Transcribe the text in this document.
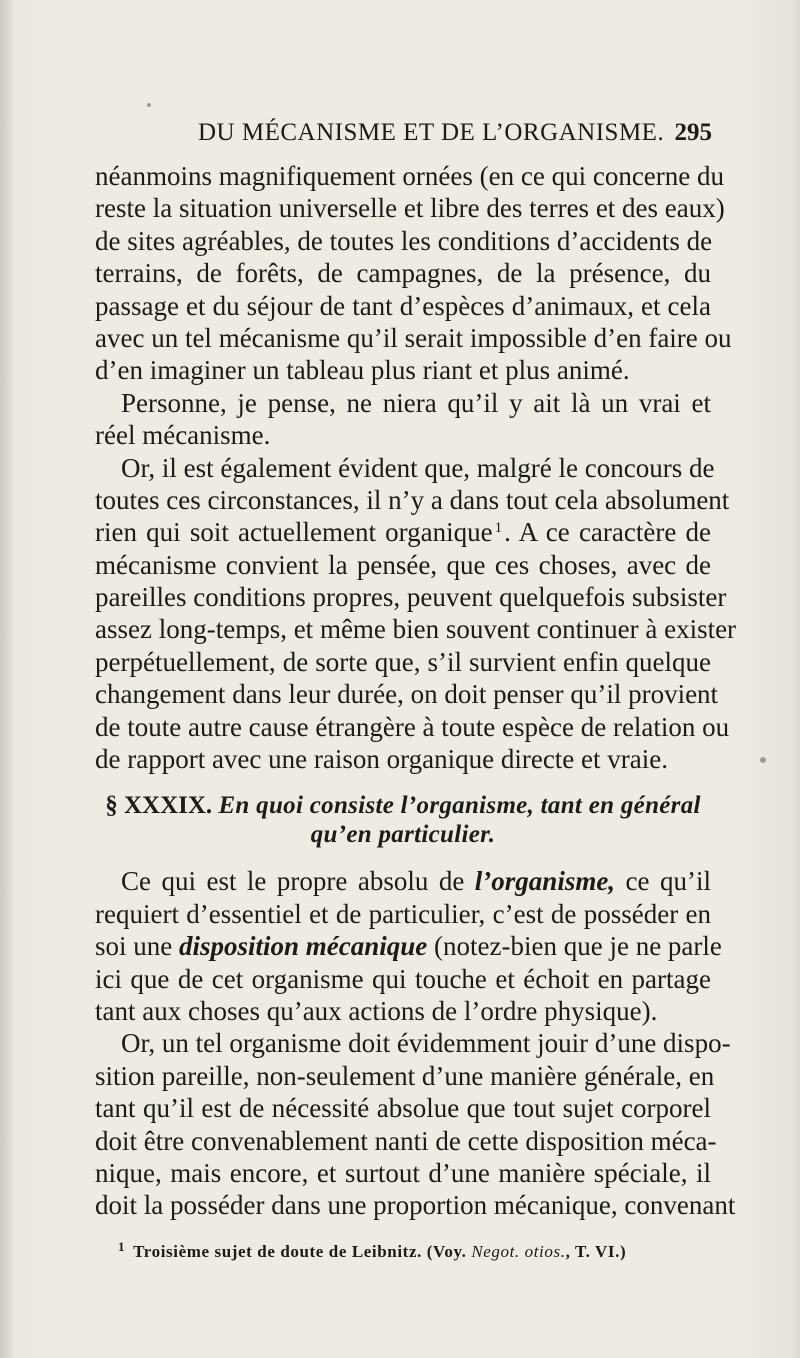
DU MÉCANISME ET DE L’ORGANISME. 295
néanmoins magnifiquement ornées (en ce qui concerne du
reste la situation universelle et libre des terres et des eaux)
de sites agréables, de toutes les conditions d’accidents de
terrains, de forêts, de campagnes, de la présence, du
passage et du séjour de tant d’espèces d’animaux, et cela
avec un tel mécanisme qu’il serait impossible d’en faire ou
d’en imaginer un tableau plus riant et plus animé.
Personne, je pense, ne niera qu’il y ait là un vrai et
réel mécanisme.
Or, il est également évident que, malgré le concours de
toutes ces circonstances, il n’y a dans tout cela absolument
rien qui soit actuellement organique $^1$. A ce caractère de
mécanisme convient la pensée, que ces choses, avec de
pareilles conditions propres, peuvent quelquefois subsister
assez long-temps, et même bien souvent continuer à exister
perpétuellement, de sorte que, s’il survient enfin quelque
changement dans leur durée, on doit penser qu’il provient
de toute autre cause étrangère à toute espèce de relation ou
de rapport avec une raison organique directe et vraie.
§ XXXIX. En quoi consiste l’organisme, tant en général
qu’en particulier.
Ce qui est le propre absolu de l’organisme, ce qu’il
requiert d’essentiel et de particulier, c’est de posséder en
soi une disposition mécanique (notez-bien que je ne parle
ici que de cet organisme qui touche et échoit en partage
tant aux choses qu’aux actions de l’ordre physique).
Or, un tel organisme doit évidemment jouir d’une dispo-
sition pareille, non-seulement d’une manière générale, en
tant qu’il est de nécessité absolue que tout sujet corporel
doit être convenablement nanti de cette disposition méca-
nique, mais encore, et surtout d’une manière spéciale, il
doit la posséder dans une proportion mécanique, convenant
$^1$ Troisième sujet de doute de Leibnitz. (Voy. Negot. otios., T. VI.)
